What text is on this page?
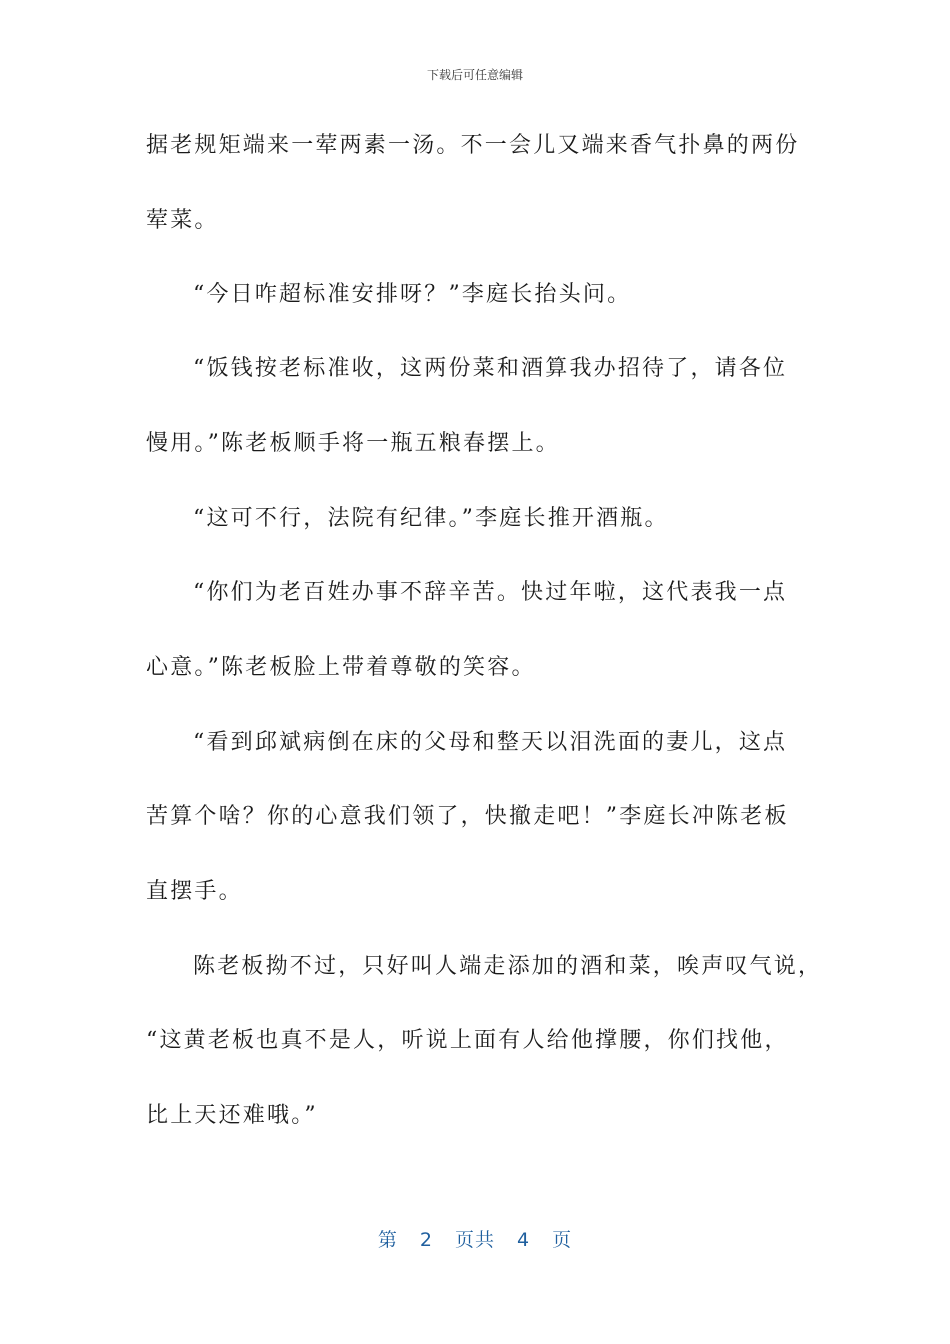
下载后可任意编辑
据老规矩端来一荤两素一汤。不一会儿又端来香气扑鼻的两份
荤菜。
“今日咋超标准安排呀？”李庭长抬头问。
“饭钱按老标准收，这两份菜和酒算我办招待了，请各位
慢用。”陈老板顺手将一瓶五粮春摆上。
“这可不行，法院有纪律。”李庭长推开酒瓶。
“你们为老百姓办事不辞辛苦。快过年啦，这代表我一点
心意。”陈老板脸上带着尊敬的笑容。
“看到邱斌病倒在床的父母和整天以泪洗面的妻儿，这点
苦算个啥？你的心意我们领了，快撤走吧！”李庭长冲陈老板
直摆手。
陈老板拗不过，只好叫人端走添加的酒和菜，唉声叹气说，
“这黄老板也真不是人，听说上面有人给他撑腰，你们找他，
比上天还难哦。”
第 2 页共 4 页
